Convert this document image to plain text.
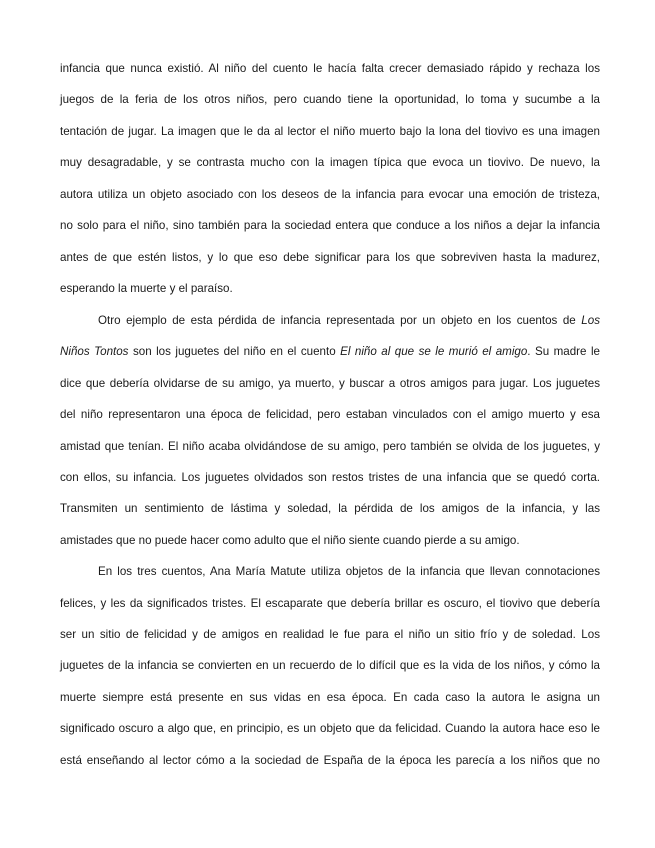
infancia que nunca existió. Al niño del cuento le hacía falta crecer demasiado rápido y rechaza los
juegos de la feria de los otros niños, pero cuando tiene la oportunidad, lo toma y sucumbe a la
tentación de jugar. La imagen que le da al lector el niño muerto bajo la lona del tiovivo es una imagen
muy desagradable, y se contrasta mucho con la imagen típica que evoca un tiovivo. De nuevo, la
autora utiliza un objeto asociado con los deseos de la infancia para evocar una emoción de tristeza,
no solo para el niño, sino también para la sociedad entera que conduce a los niños a dejar la infancia
antes de que estén listos, y lo que eso debe significar para los que sobreviven hasta la madurez,
esperando la muerte y el paraíso.
Otro ejemplo de esta pérdida de infancia representada por un objeto en los cuentos de Los
Niños Tontos son los juguetes del niño en el cuento El niño al que se le murió el amigo. Su madre le
dice que debería olvidarse de su amigo, ya muerto, y buscar a otros amigos para jugar. Los juguetes
del niño representaron una época de felicidad, pero estaban vinculados con el amigo muerto y esa
amistad que tenían. El niño acaba olvidándose de su amigo, pero también se olvida de los juguetes, y
con ellos, su infancia. Los juguetes olvidados son restos tristes de una infancia que se quedó corta.
Transmiten un sentimiento de lástima y soledad, la pérdida de los amigos de la infancia, y las
amistades que no puede hacer como adulto que el niño siente cuando pierde a su amigo.
En los tres cuentos, Ana María Matute utiliza objetos de la infancia que llevan connotaciones
felices, y les da significados tristes. El escaparate que debería brillar es oscuro, el tiovivo que debería
ser un sitio de felicidad y de amigos en realidad le fue para el niño un sitio frío y de soledad. Los
juguetes de la infancia se convierten en un recuerdo de lo difícil que es la vida de los niños, y cómo la
muerte siempre está presente en sus vidas en esa época. En cada caso la autora le asigna un
significado oscuro a algo que, en principio, es un objeto que da felicidad. Cuando la autora hace eso le
está enseñando al lector cómo a la sociedad de España de la época les parecía a los niños que no
